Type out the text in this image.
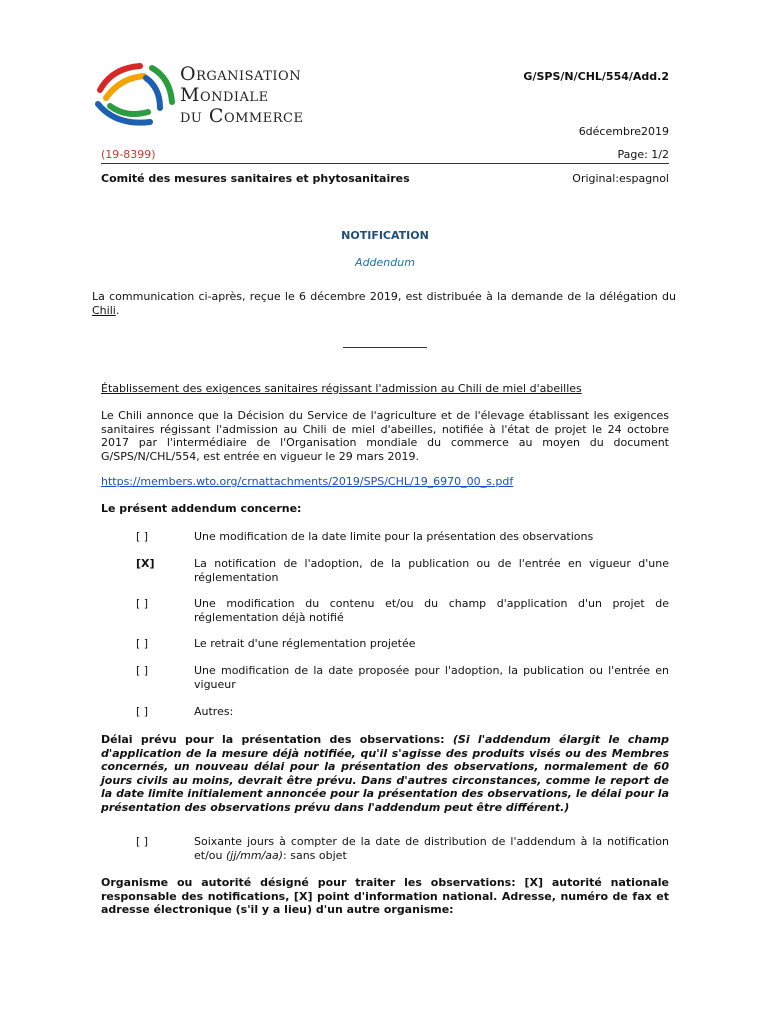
Organisation
Mondiale
du Commerce
G/SPS/N/CHL/554/Add.2
6décembre2019
(19-8399)	Page: 1/2
Comité des mesures sanitaires et phytosanitaires	Original:espagnol
NOTIFICATION
Addendum
La communication ci-après, reçue le 6 décembre 2019, est distribuée à la demande de la délégation du Chili.
Établissement des exigences sanitaires régissant l'admission au Chili de miel d'abeilles
Le Chili annonce que la Décision du Service de l'agriculture et de l'élevage établissant les exigences sanitaires régissant l'admission au Chili de miel d'abeilles, notifiée à l'état de projet le 24 octobre 2017 par l'intermédiaire de l'Organisation mondiale du commerce au moyen du document G/SPS/N/CHL/554, est entrée en vigueur le 29 mars 2019.
https://members.wto.org/crnattachments/2019/SPS/CHL/19_6970_00_s.pdf
Le présent addendum concerne:
[ ]	Une modification de la date limite pour la présentation des observations
[X]	La notification de l'adoption, de la publication ou de l'entrée en vigueur d'une réglementation
[ ]	Une modification du contenu et/ou du champ d'application d'un projet de réglementation déjà notifié
[ ]	Le retrait d'une réglementation projetée
[ ]	Une modification de la date proposée pour l'adoption, la publication ou l'entrée en vigueur
[ ]	Autres:
Délai prévu pour la présentation des observations: (Si l'addendum élargit le champ d'application de la mesure déjà notifiée, qu'il s'agisse des produits visés ou des Membres concernés, un nouveau délai pour la présentation des observations, normalement de 60 jours civils au moins, devrait être prévu. Dans d'autres circonstances, comme le report de la date limite initialement annoncée pour la présentation des observations, le délai pour la présentation des observations prévu dans l'addendum peut être différent.)
[ ]	Soixante jours à compter de la date de distribution de l'addendum à la notification et/ou (jj/mm/aa): sans objet
Organisme ou autorité désigné pour traiter les observations: [X] autorité nationale responsable des notifications, [X] point d'information national. Adresse, numéro de fax et adresse électronique (s'il y a lieu) d'un autre organisme:
